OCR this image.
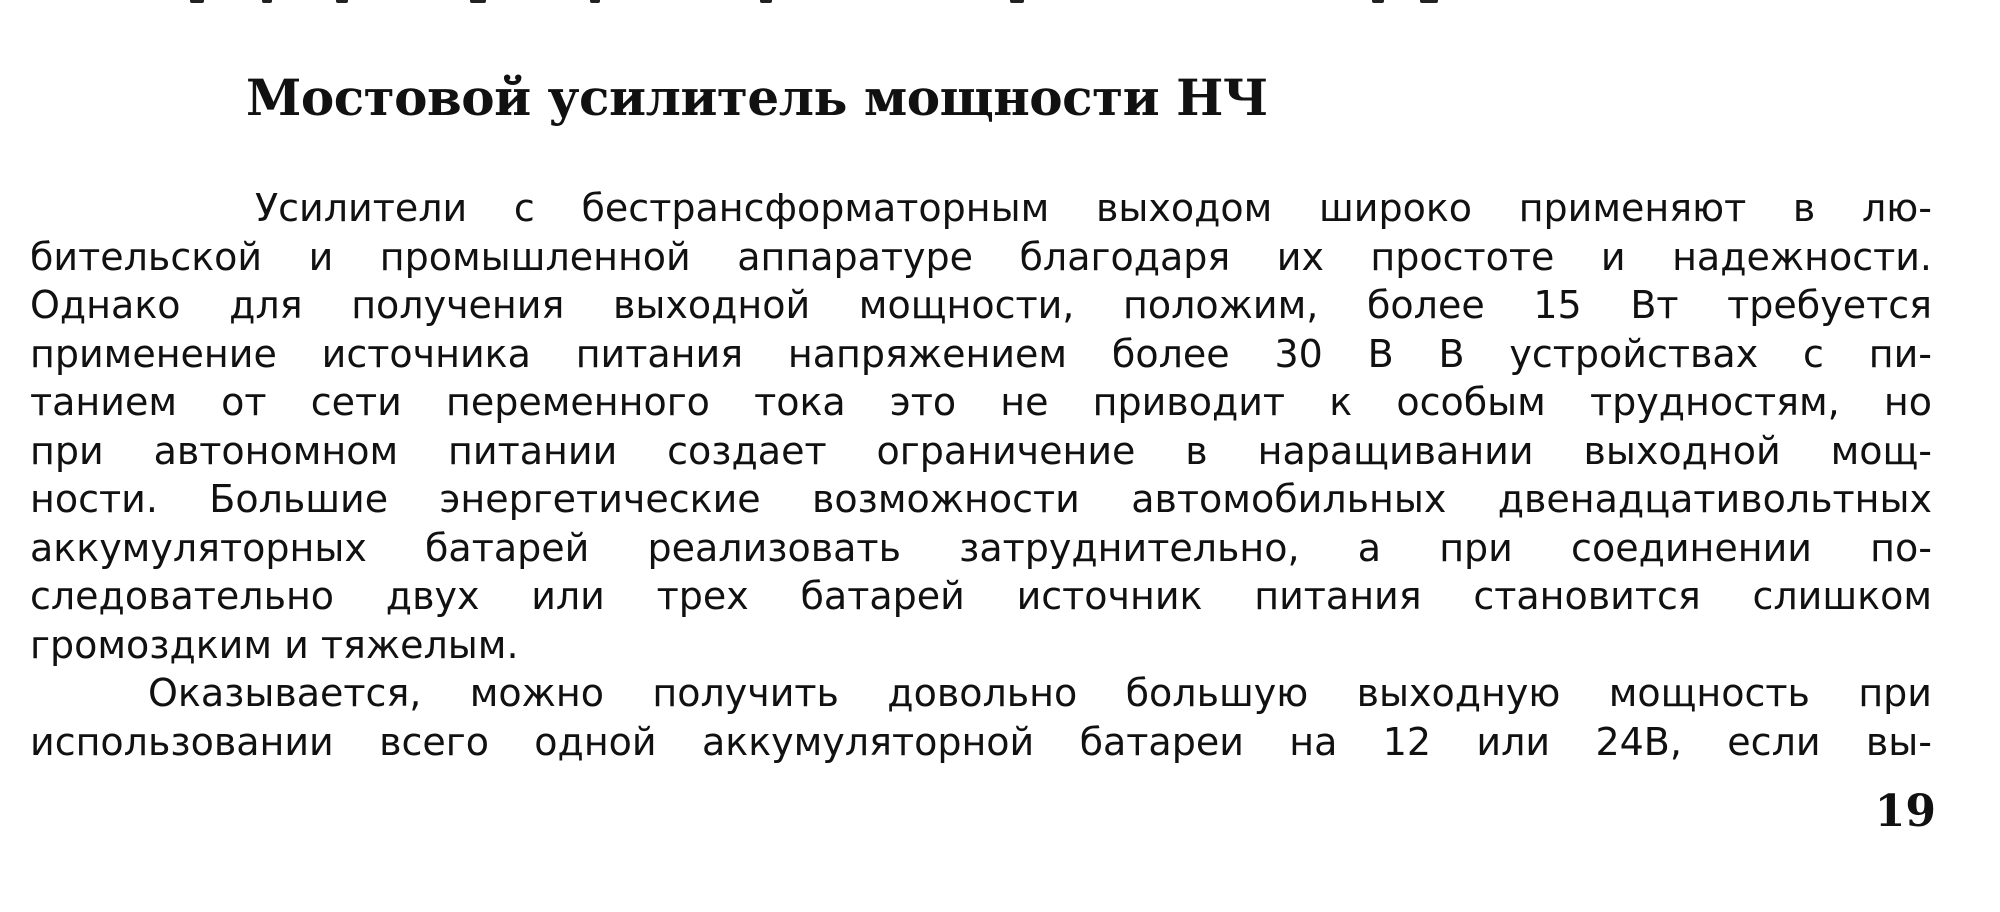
Мостовой усилитель мощности НЧ
Усилители с бестрансформаторным выходом широко применяют в лю-
бительской и промышленной аппаратуре благодаря их простоте и надежности.
Однако для получения выходной мощности, положим, более 15 Вт требуется
применение источника питания напряжением более 30 В В устройствах с пи-
танием от сети переменного тока это не приводит к особым трудностям, но
при автономном питании создает ограничение в наращивании выходной мощ-
ности. Большие энергетические возможности автомобильных двенадцативольтных
аккумуляторных батарей реализовать затруднительно, а при соединении по-
следовательно двух или трех батарей источник питания становится слишком
громоздким и тяжелым.
Оказывается, можно получить довольно большую выходную мощность при
использовании всего одной аккумуляторной батареи на 12 или 24В, если вы-
19
